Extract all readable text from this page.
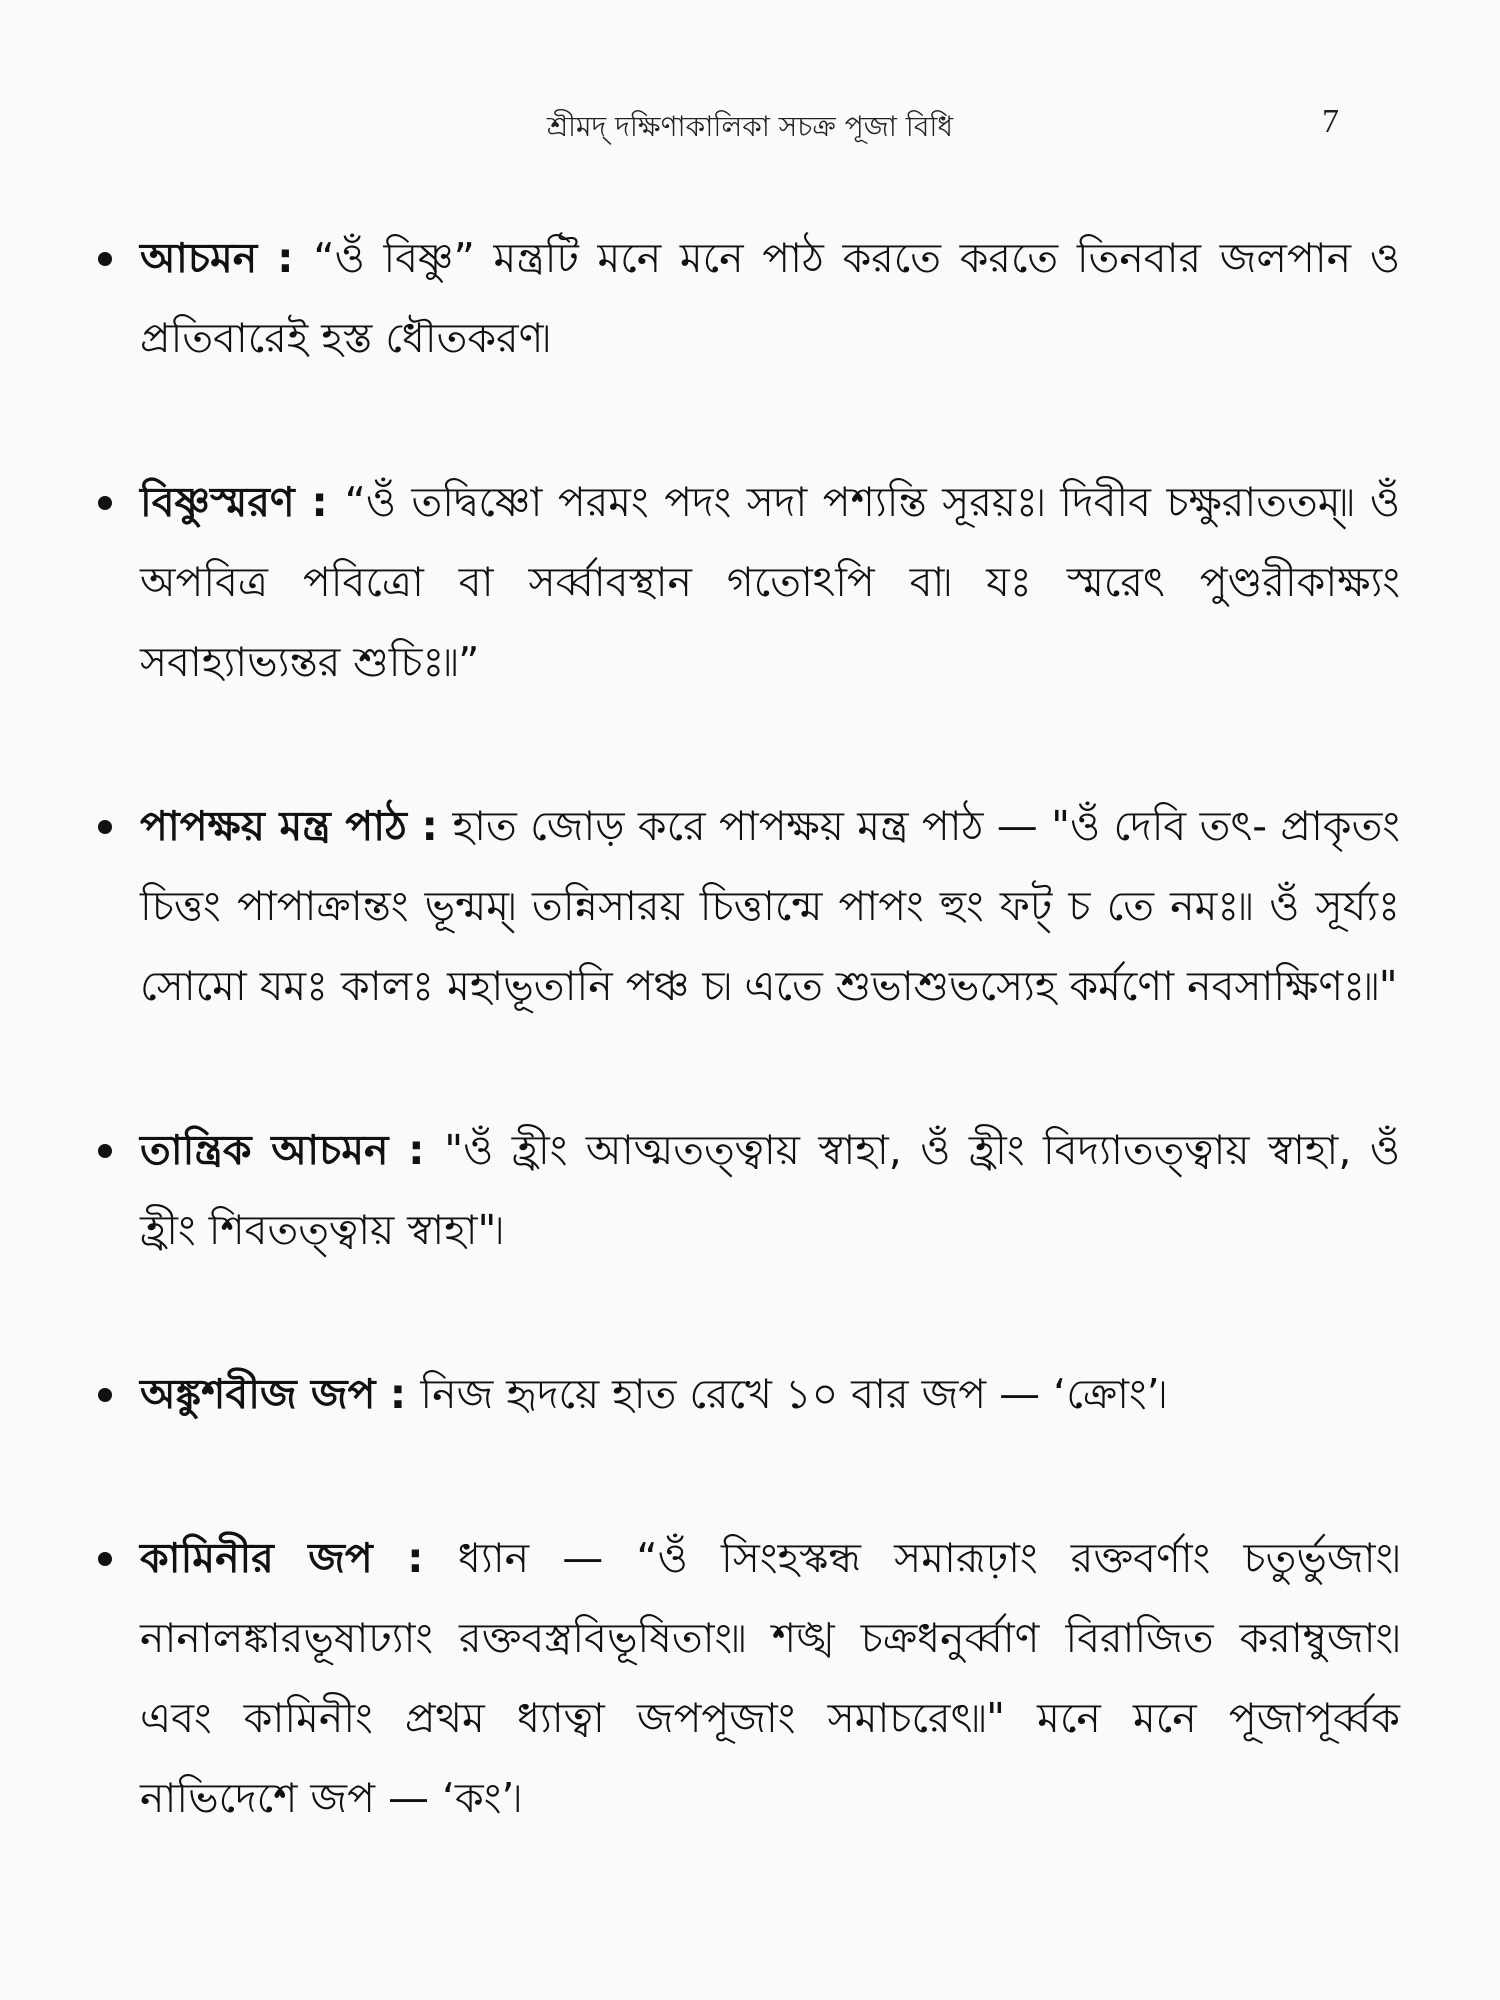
শ্রীমদ্‌ দক্ষিণাকালিকা সচক্র পূজা বিধি	7
আচমন : “ওঁ বিষ্ণু” মন্ত্রটি মনে মনে পাঠ করতে করতে তিনবার জলপান ও প্রতিবারেই হস্ত ধৌতকরণ৷
বিষ্ণুস্মরণ : “ওঁ তদ্বিষ্ণো পরমং পদং সদা পশ্যন্তি সূরয়ঃ৷ দিবীব চক্ষুরাততম্৷৷ ওঁ অপবিত্র পবিত্রো বা সর্ব্বাবস্থান গতোঽপি বা৷ যঃ স্মরেৎ পুণ্ডরীকাক্ষ্যং সবাহ্যাভ্যন্তর শুচিঃ৷৷”
পাপক্ষয় মন্ত্র পাঠ : হাত জোড় করে পাপক্ষয় মন্ত্র পাঠ — "ওঁ দেবি তৎ- প্রাকৃতং চিত্তং পাপাক্রান্তং ভূন্মম্৷ তন্নিসারয় চিত্তান্মে পাপং হুং ফট্ চ তে নমঃ৷৷ ওঁ সূর্য্যঃ সোমো যমঃ কালঃ মহাভূতানি পঞ্চ চ৷ এতে শুভাশুভস্যেহ কর্মণো নবসাক্ষিণঃ৷৷"
তান্ত্রিক আচমন : "ওঁ হ্রীং আত্মতত্ত্বায় স্বাহা, ওঁ হ্রীং বিদ্যাতত্ত্বায় স্বাহা, ওঁ হ্রীং শিবতত্ত্বায় স্বাহা"৷
অঙ্কুশবীজ জপ : নিজ হৃদয়ে হাত রেখে ১০ বার জপ — ‘ক্রোং’৷
কামিনীর জপ : ধ্যান — “ওঁ সিংহস্কন্ধ সমারূঢ়াং রক্তবর্ণাং চতুর্ভুজাং৷ নানালঙ্কারভূষাঢ্যাং রক্তবস্ত্রবিভূষিতাং৷৷ শঙ্খ চক্রধনুর্ব্বাণ বিরাজিত করাম্বুজাং৷ এবং কামিনীং প্রথম ধ্যাত্বা জপপূজাং সমাচরেৎ৷৷" মনে মনে পূজাপূর্ব্বক নাভিদেশে জপ — ‘কং’৷
